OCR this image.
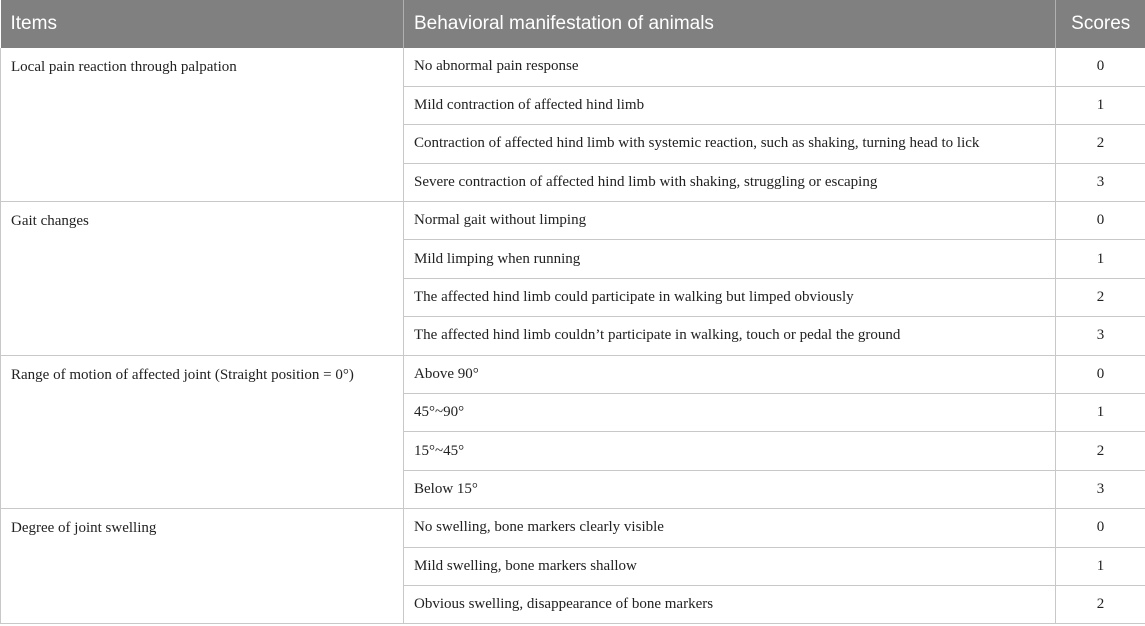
Items	Behavioral manifestation of animals	Scores
Local pain reaction through palpation	No abnormal pain response	0
	Mild contraction of affected hind limb	1
	Contraction of affected hind limb with systemic reaction, such as shaking, turning head to lick	2
	Severe contraction of affected hind limb with shaking, struggling or escaping	3
Gait changes	Normal gait without limping	0
	Mild limping when running	1
	The affected hind limb could participate in walking but limped obviously	2
	The affected hind limb couldn’t participate in walking, touch or pedal the ground	3
Range of motion of affected joint (Straight position = 0°)	Above 90°	0
	45°~90°	1
	15°~45°	2
	Below 15°	3
Degree of joint swelling	No swelling, bone markers clearly visible	0
	Mild swelling, bone markers shallow	1
	Obvious swelling, disappearance of bone markers	2
